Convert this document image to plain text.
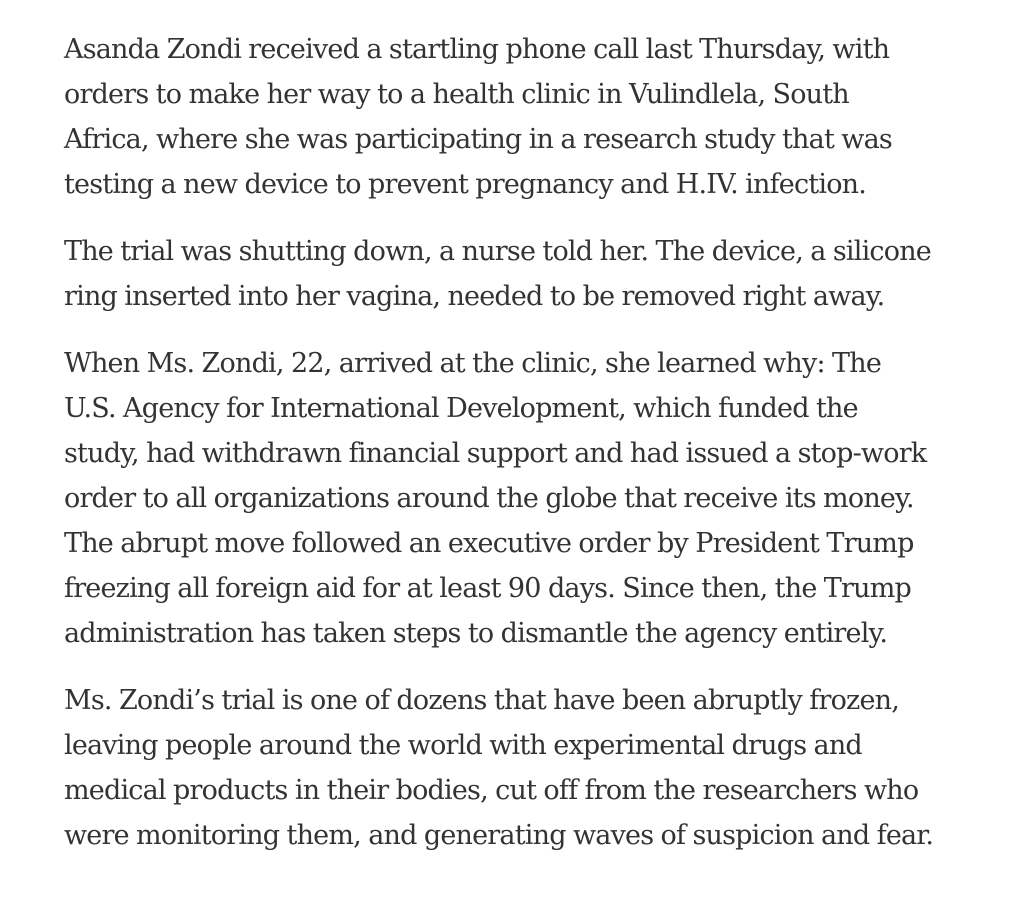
Asanda Zondi received a startling phone call last Thursday, with
orders to make her way to a health clinic in Vulindlela, South
Africa, where she was participating in a research study that was
testing a new device to prevent pregnancy and H.IV. infection.

The trial was shutting down, a nurse told her. The device, a silicone
ring inserted into her vagina, needed to be removed right away.

When Ms. Zondi, 22, arrived at the clinic, she learned why: The
U.S. Agency for International Development, which funded the
study, had withdrawn financial support and had issued a stop-work
order to all organizations around the globe that receive its money.
The abrupt move followed an executive order by President Trump
freezing all foreign aid for at least 90 days. Since then, the Trump
administration has taken steps to dismantle the agency entirely.

Ms. Zondi’s trial is one of dozens that have been abruptly frozen,
leaving people around the world with experimental drugs and
medical products in their bodies, cut off from the researchers who
were monitoring them, and generating waves of suspicion and fear.
